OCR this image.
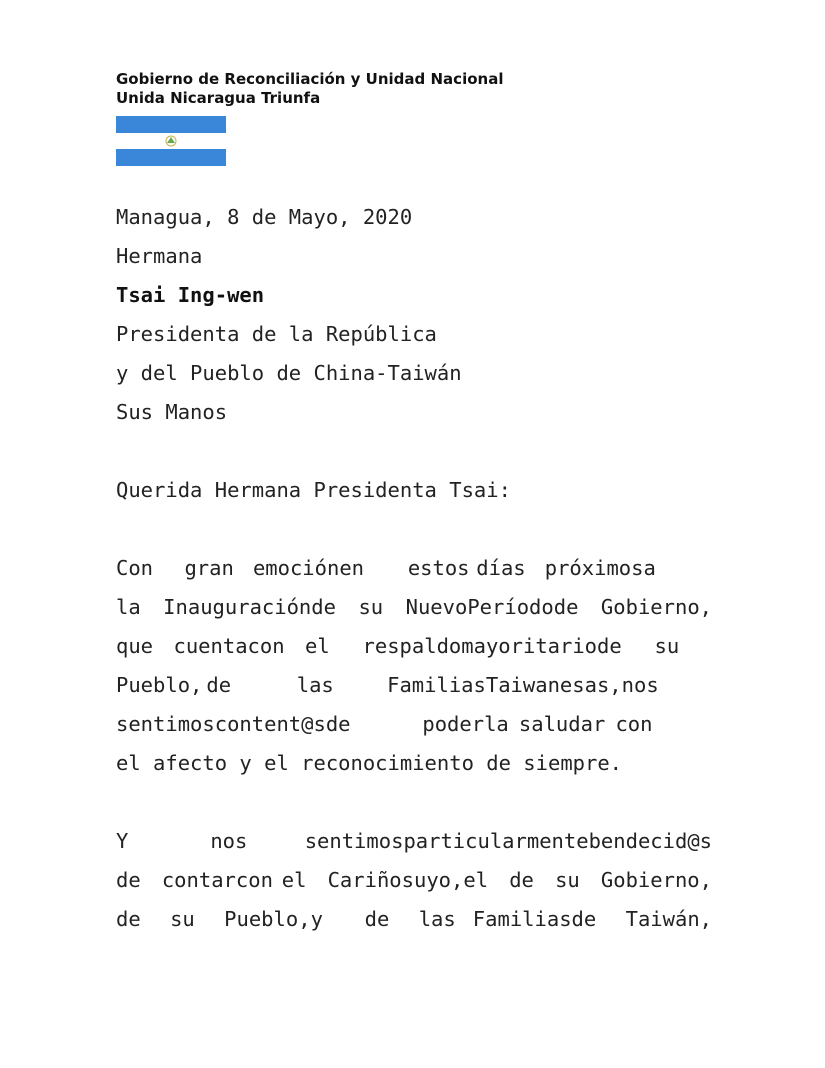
Gobierno de Reconciliación y Unidad Nacional
Unida Nicaragua Triunfa
Managua, 8 de Mayo, 2020
Hermana
Tsai Ing-wen
Presidenta de la República
y del Pueblo de China-Taiwán
Sus Manos
Querida Hermana Presidenta Tsai:
Con	gran emoción en	estos días próximos a
la	Inauguración de	su	Nuevo Período de	Gobierno,
que cuenta con el	respaldo mayoritario de	su
Pueblo, de	las	Familias Taiwanesas, nos
sentimos content@s de	poderla saludar con
el afecto y el reconocimiento de siempre.
Y	nos	sentimos particularmente bendecid@s
de	contar con el	Cariño suyo, el	de	su	Gobierno,
de	su	Pueblo, y	de	las Familias de	Taiwán,
